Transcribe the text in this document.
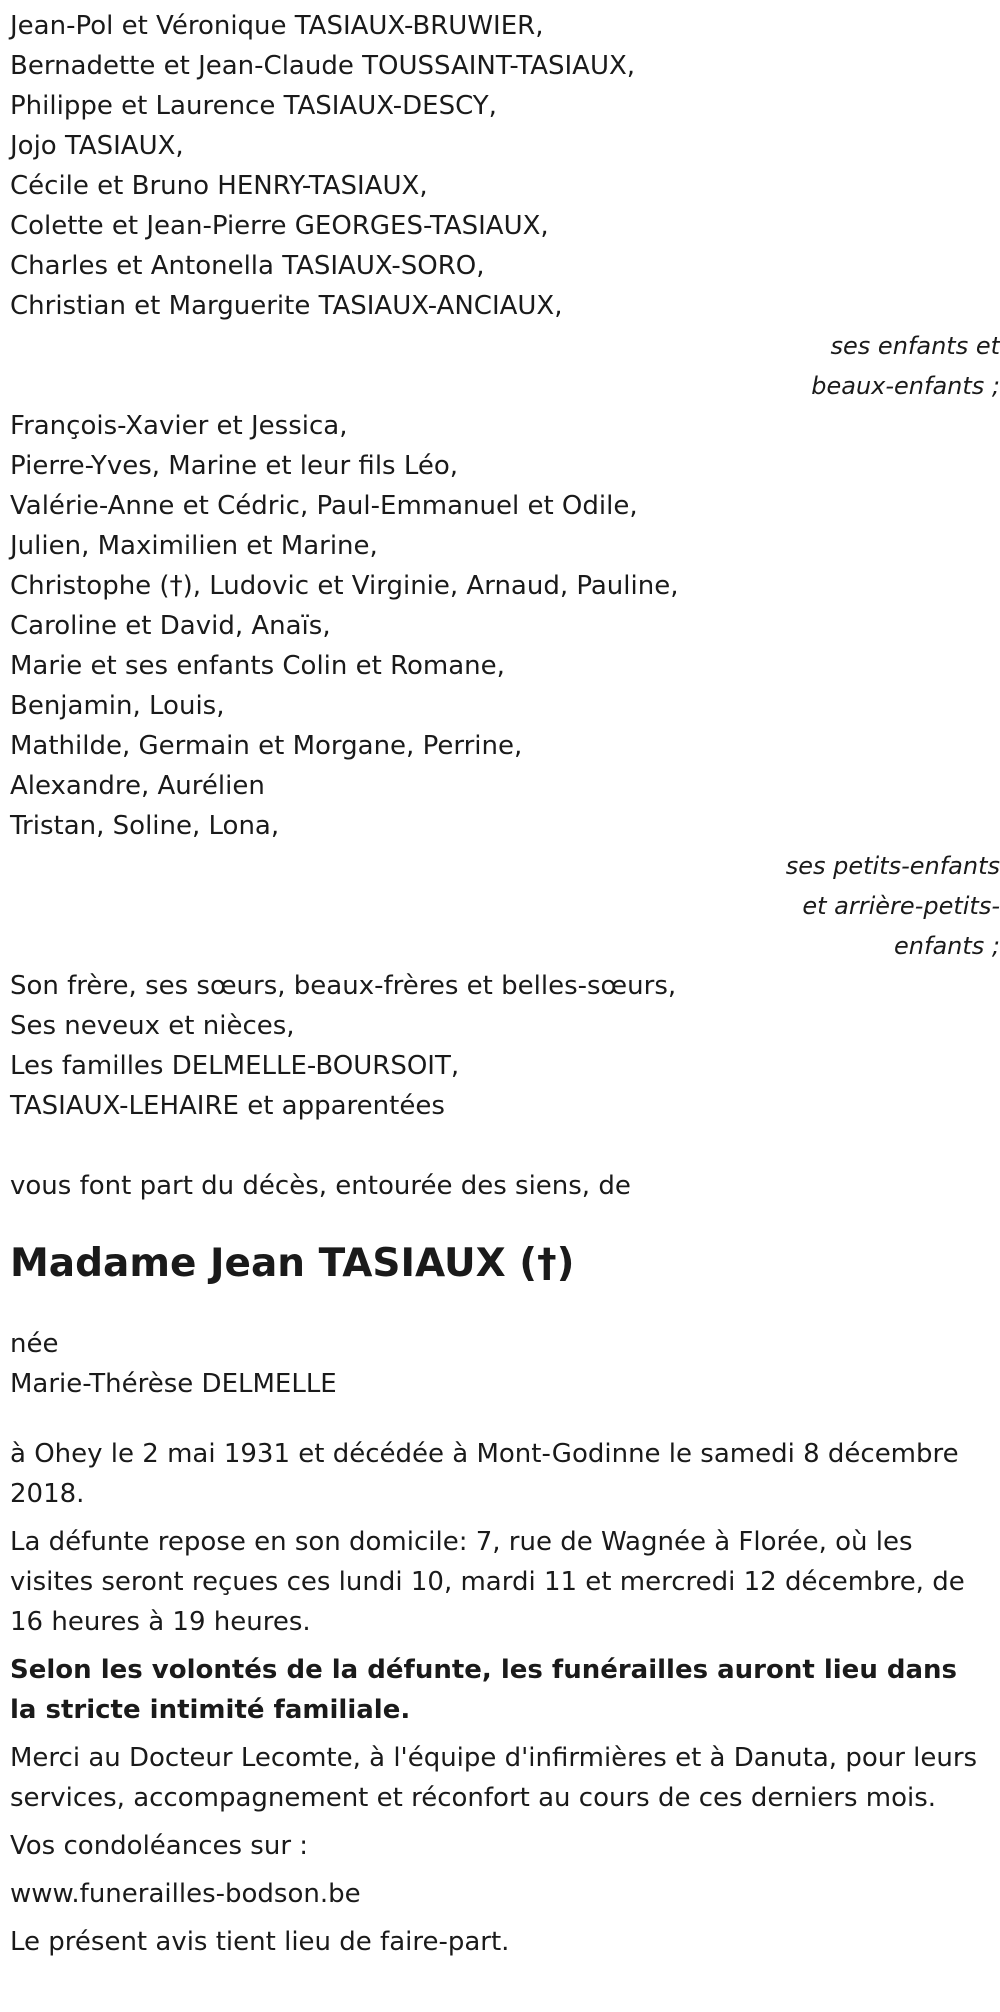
Jean-Pol et Véronique TASIAUX-BRUWIER,
Bernadette et Jean-Claude TOUSSAINT-TASIAUX,
Philippe et Laurence TASIAUX-DESCY,
Jojo TASIAUX,
Cécile et Bruno HENRY-TASIAUX,
Colette et Jean-Pierre GEORGES-TASIAUX,
Charles et Antonella TASIAUX-SORO,
Christian et Marguerite TASIAUX-ANCIAUX,
ses enfants et
beaux-enfants ;
François-Xavier et Jessica,
Pierre-Yves, Marine et leur fils Léo,
Valérie-Anne et Cédric, Paul-Emmanuel et Odile,
Julien, Maximilien et Marine,
Christophe (†), Ludovic et Virginie, Arnaud, Pauline,
Caroline et David, Anaïs,
Marie et ses enfants Colin et Romane,
Benjamin, Louis,
Mathilde, Germain et Morgane, Perrine,
Alexandre, Aurélien
Tristan, Soline, Lona,
ses petits-enfants
et arrière-petits-
enfants ;
Son frère, ses sœurs, beaux-frères et belles-sœurs,
Ses neveux et nièces,
Les familles DELMELLE-BOURSOIT,
TASIAUX-LEHAIRE et apparentées
vous font part du décès, entourée des siens, de
Madame Jean TASIAUX (†)
née
Marie-Thérèse DELMELLE

à Ohey le 2 mai 1931 et décédée à Mont-Godinne le samedi 8 décembre 2018.

La défunte repose en son domicile: 7, rue de Wagnée à Florée, où les visites seront reçues ces lundi 10, mardi 11 et mercredi 12 décembre, de 16 heures à 19 heures.

Selon les volontés de la défunte, les funérailles auront lieu dans la stricte intimité familiale.

Merci au Docteur Lecomte, à l'équipe d'infirmières et à Danuta, pour leurs services, accompagnement et réconfort au cours de ces derniers mois.

Vos condoléances sur :

www.funerailles-bodson.be

Le présent avis tient lieu de faire-part.
